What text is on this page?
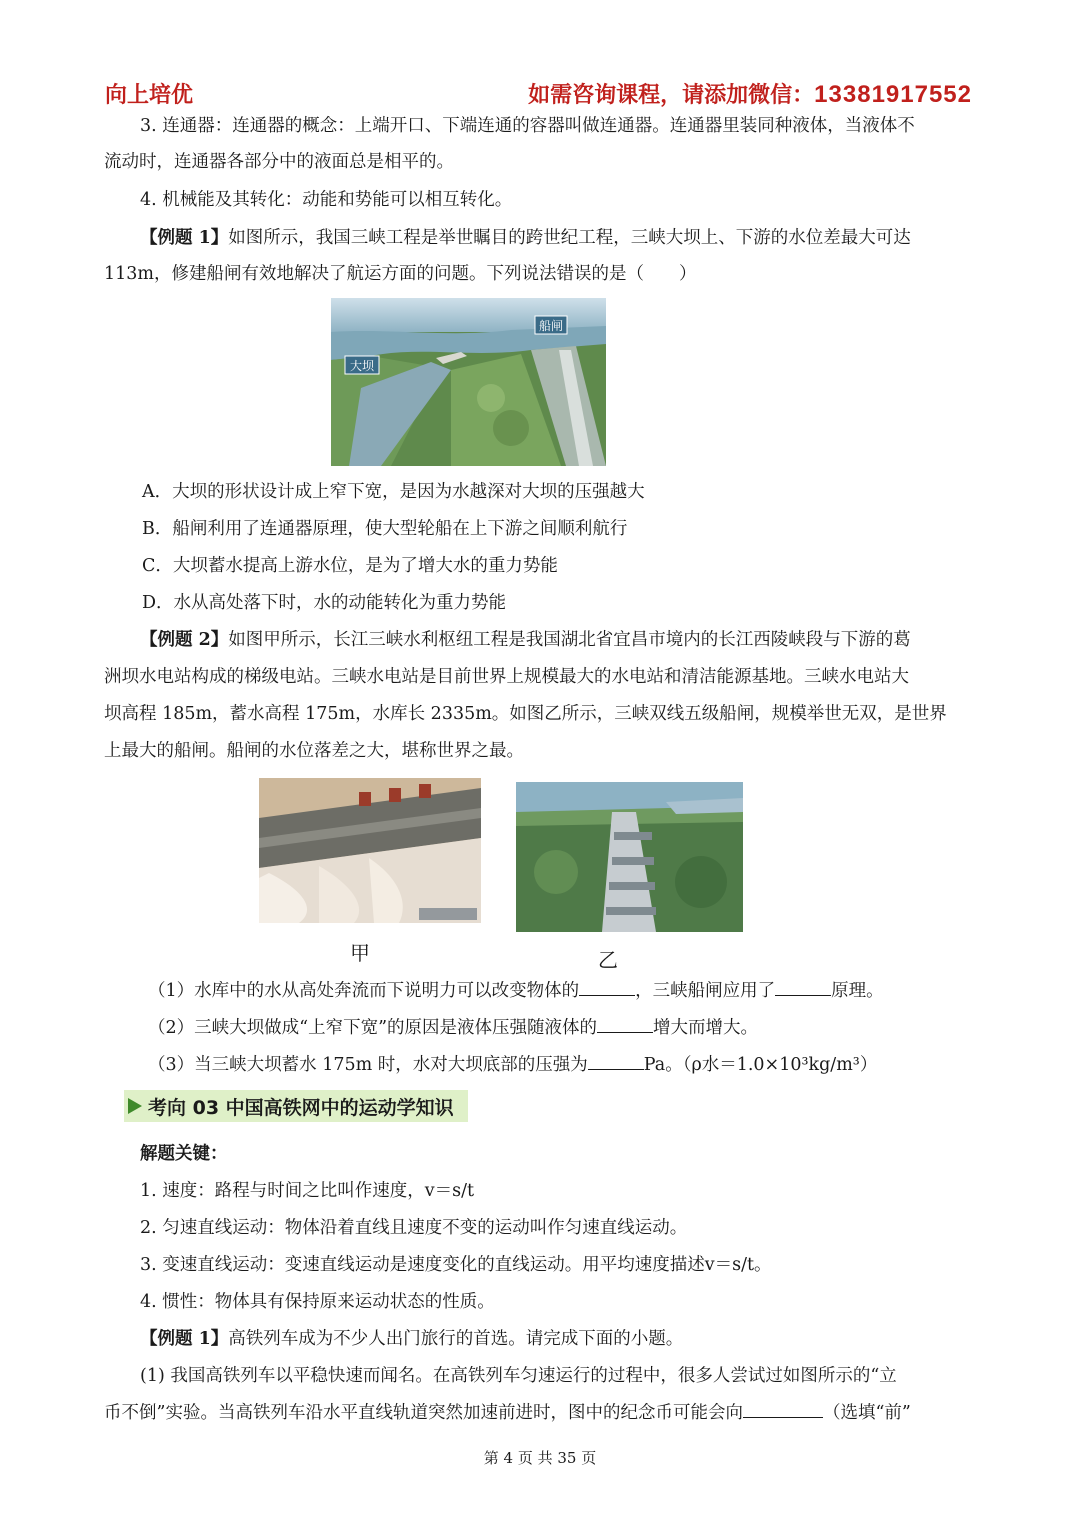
向上培优	如需咨询课程，请添加微信：13381917552
3. 连通器：连通器的概念：上端开口、下端连通的容器叫做连通器。连通器里装同种液体，当液体不
流动时，连通器各部分中的液面总是相平的。
4. 机械能及其转化：动能和势能可以相互转化。
【例题 1】如图所示，我国三峡工程是举世瞩目的跨世纪工程，三峡大坝上、下游的水位差最大可达
113m，修建船闸有效地解决了航运方面的问题。下列说法错误的是（　　）
大坝
船闸
A．大坝的形状设计成上窄下宽，是因为水越深对大坝的压强越大
B．船闸利用了连通器原理，使大型轮船在上下游之间顺利航行
C．大坝蓄水提高上游水位，是为了增大水的重力势能
D．水从高处落下时，水的动能转化为重力势能
【例题 2】如图甲所示，长江三峡水利枢纽工程是我国湖北省宜昌市境内的长江西陵峡段与下游的葛
洲坝水电站构成的梯级电站。三峡水电站是目前世界上规模最大的水电站和清洁能源基地。三峡水电站大
坝高程 185m，蓄水高程 175m，水库长 2335m。如图乙所示，三峡双线五级船闸，规模举世无双，是世界
上最大的船闸。船闸的水位落差之大，堪称世界之最。
甲	乙
（1）水库中的水从高处奔流而下说明力可以改变物体的	，三峡船闸应用了	原理。
（2）三峡大坝做成“上窄下宽”的原因是液体压强随液体的	增大而增大。
（3）当三峡大坝蓄水 175m 时，水对大坝底部的压强为	Pa。（ρ水＝1.0×10³kg/m³）
考向 03 中国高铁网中的运动学知识
解题关键：
1. 速度：路程与时间之比叫作速度，v＝s/t
2. 匀速直线运动：物体沿着直线且速度不变的运动叫作匀速直线运动。
3. 变速直线运动：变速直线运动是速度变化的直线运动。用平均速度描述v＝s/t。
4. 惯性：物体具有保持原来运动状态的性质。
【例题 1】高铁列车成为不少人出门旅行的首选。请完成下面的小题。
(1) 我国高铁列车以平稳快速而闻名。在高铁列车匀速运行的过程中，很多人尝试过如图所示的“立
币不倒”实验。当高铁列车沿水平直线轨道突然加速前进时，图中的纪念币可能会向	（选填“前”
第 4 页 共 35 页
